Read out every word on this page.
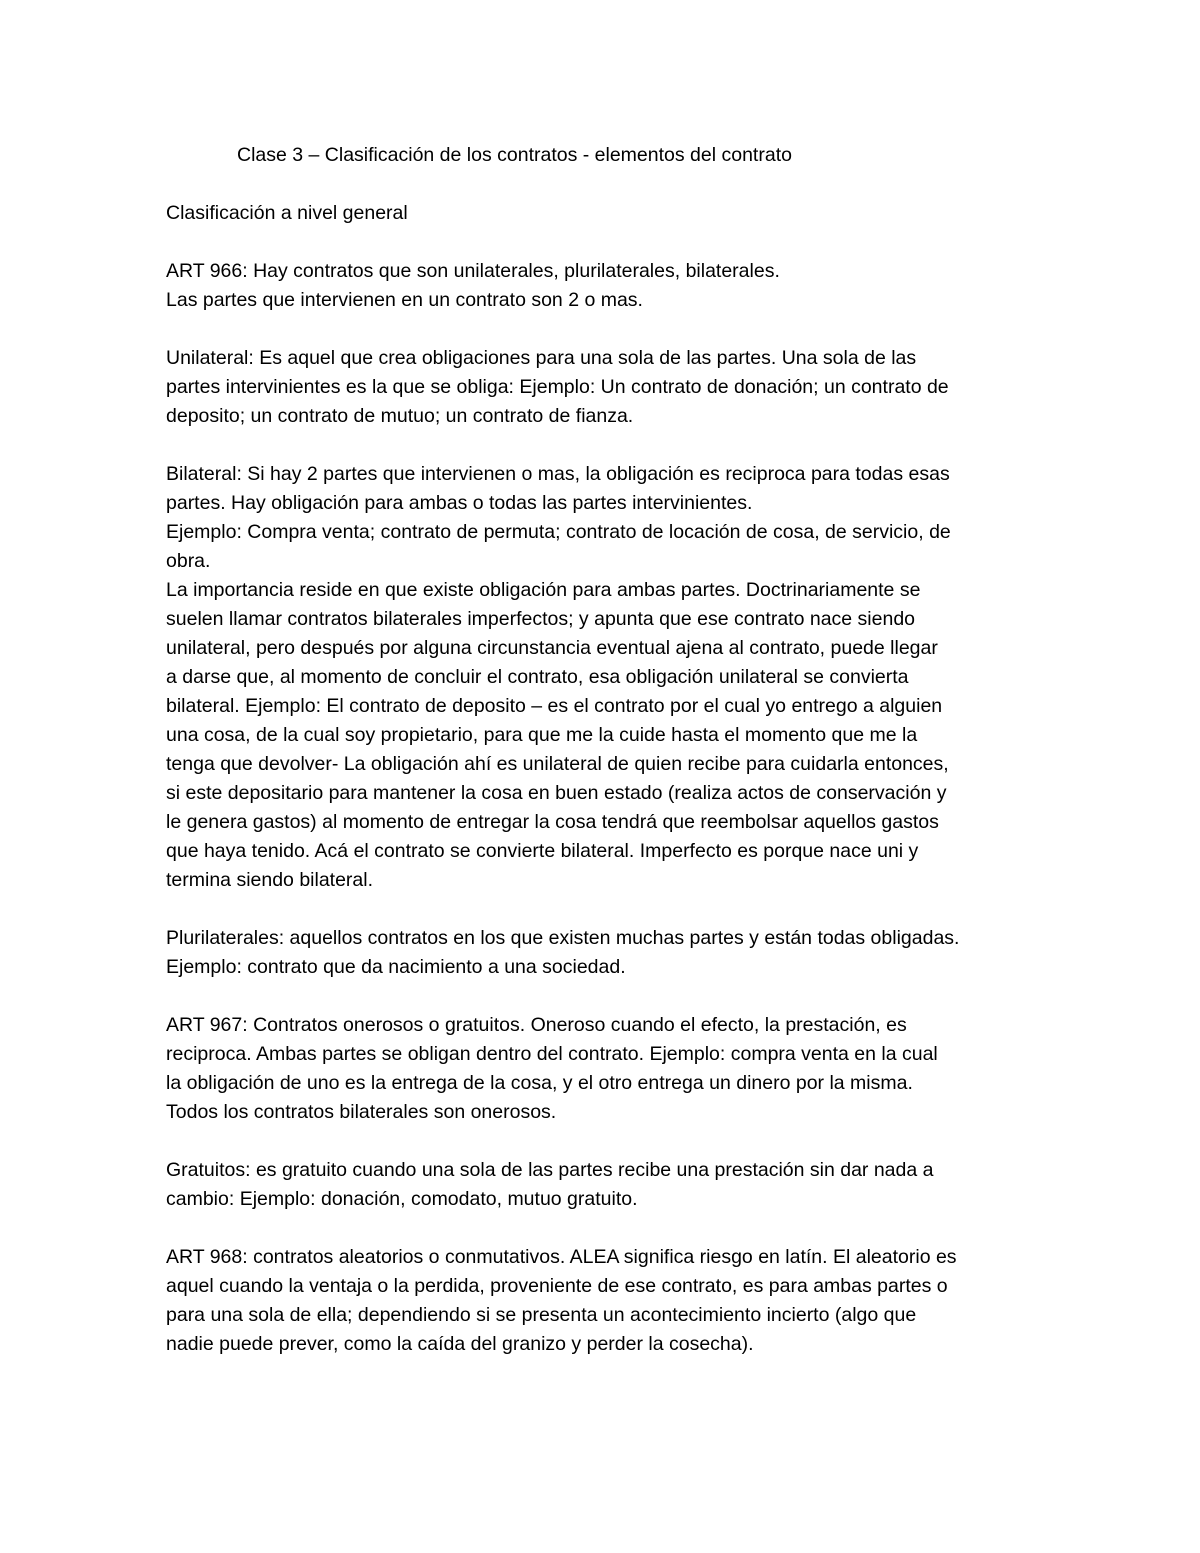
Clase 3 – Clasificación de los contratos - elementos del contrato

Clasificación a nivel general

ART 966: Hay contratos que son unilaterales, plurilaterales, bilaterales.
Las partes que intervienen en un contrato son 2 o mas.
Unilateral: Es aquel que crea obligaciones para una sola de las partes. Una sola de las
partes intervinientes es la que se obliga: Ejemplo: Un contrato de donación; un contrato de
deposito; un contrato de mutuo; un contrato de fianza.
Bilateral: Si hay 2 partes que intervienen o mas, la obligación es reciproca para todas esas
partes. Hay obligación para ambas o todas las partes intervinientes.
Ejemplo: Compra venta; contrato de permuta; contrato de locación de cosa, de servicio, de
obra.
La importancia reside en que existe obligación para ambas partes. Doctrinariamente se
suelen llamar contratos bilaterales imperfectos; y apunta que ese contrato nace siendo
unilateral, pero después por alguna circunstancia eventual ajena al contrato, puede llegar
a darse que, al momento de concluir el contrato, esa obligación unilateral se convierta
bilateral. Ejemplo: El contrato de deposito – es el contrato por el cual yo entrego a alguien
una cosa, de la cual soy propietario, para que me la cuide hasta el momento que me la
tenga que devolver- La obligación ahí es unilateral de quien recibe para cuidarla entonces,
si este depositario para mantener la cosa en buen estado (realiza actos de conservación y
le genera gastos) al momento de entregar la cosa tendrá que reembolsar aquellos gastos
que haya tenido. Acá el contrato se convierte bilateral. Imperfecto es porque nace uni y
termina siendo bilateral.
Plurilaterales: aquellos contratos en los que existen muchas partes y están todas obligadas.
Ejemplo: contrato que da nacimiento a una sociedad.
ART 967: Contratos onerosos o gratuitos. Oneroso cuando el efecto, la prestación, es
reciproca. Ambas partes se obligan dentro del contrato. Ejemplo: compra venta en la cual
la obligación de uno es la entrega de la cosa, y el otro entrega un dinero por la misma.
Todos los contratos bilaterales son onerosos.
Gratuitos: es gratuito cuando una sola de las partes recibe una prestación sin dar nada a
cambio: Ejemplo: donación, comodato, mutuo gratuito.
ART 968: contratos aleatorios o conmutativos. ALEA significa riesgo en latín. El aleatorio es
aquel cuando la ventaja o la perdida, proveniente de ese contrato, es para ambas partes o
para una sola de ella; dependiendo si se presenta un acontecimiento incierto (algo que
nadie puede prever, como la caída del granizo y perder la cosecha).
